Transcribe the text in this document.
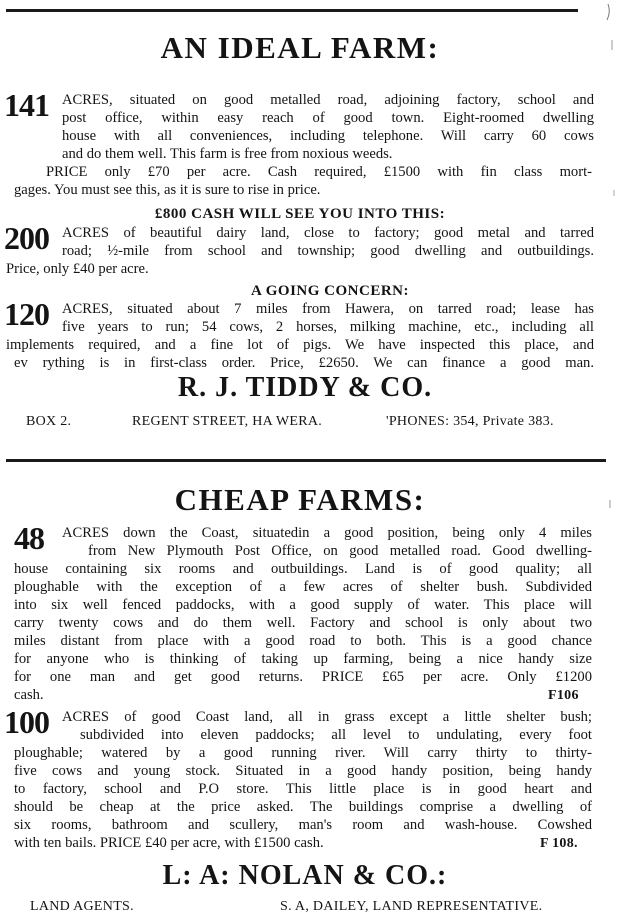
AN IDEAL FARM:
141 ACRES, situated on good metalled road, adjoining factory, school and
post office, within easy reach of good town. Eight-roomed dwelling
house with all conveniences, including telephone. Will carry 60 cows
and do them well. This farm is free from noxious weeds.
PRICE only £70 per acre. Cash required, £1500 with fin class mort-
gages. You must see this, as it is sure to rise in price.
£800 CASH WILL SEE YOU INTO THIS:
200 ACRES of beautiful dairy land, close to factory; good metal and tarred
road; ½-mile from school and township; good dwelling and outbuildings.
Price, only £40 per acre.
A GOING CONCERN:
120 ACRES, situated about 7 miles from Hawera, on tarred road; lease has
five years to run; 54 cows, 2 horses, milking machine, etc., including all
implements required, and a fine lot of pigs. We have inspected this place, and
ev rything is in first-class order. Price, £2650. We can finance a good man.
R. J. TIDDY & CO.
BOX 2.	REGENT STREET, HA WERA.	'PHONES: 354, Private 383.
CHEAP FARMS:
48 ACRES down the Coast, situatedin a good position, being only 4 miles
from New Plymouth Post Office, on good metalled road. Good dwelling-
house containing six rooms and outbuildings. Land is of good quality; all
ploughable with the exception of a few acres of shelter bush. Subdivided
into six well fenced paddocks, with a good supply of water. This place will
carry twenty cows and do them well. Factory and school is only about two
miles distant from place with a good road to both. This is a good chance
for anyone who is thinking of taking up farming, being a nice handy size
for one man and get good returns. PRICE £65 per acre. Only £1200
cash.	F106
100 ACRES of good Coast land, all in grass except a little shelter bush;
subdivided into eleven paddocks; all level to undulating, every foot
ploughable; watered by a good running river. Will carry thirty to thirty-
five cows and young stock. Situated in a good handy position, being handy
to factory, school and P.O store. This little place is in good heart and
should be cheap at the price asked. The buildings comprise a dwelling of
six rooms, bathroom and scullery, man's room and wash-house. Cowshed
with ten bails. PRICE £40 per acre, with £1500 cash.	F 108.
L: A: NOLAN & CO.:
LAND AGENTS.	S. A, DAILEY, LAND REPRESENTATIVE.
